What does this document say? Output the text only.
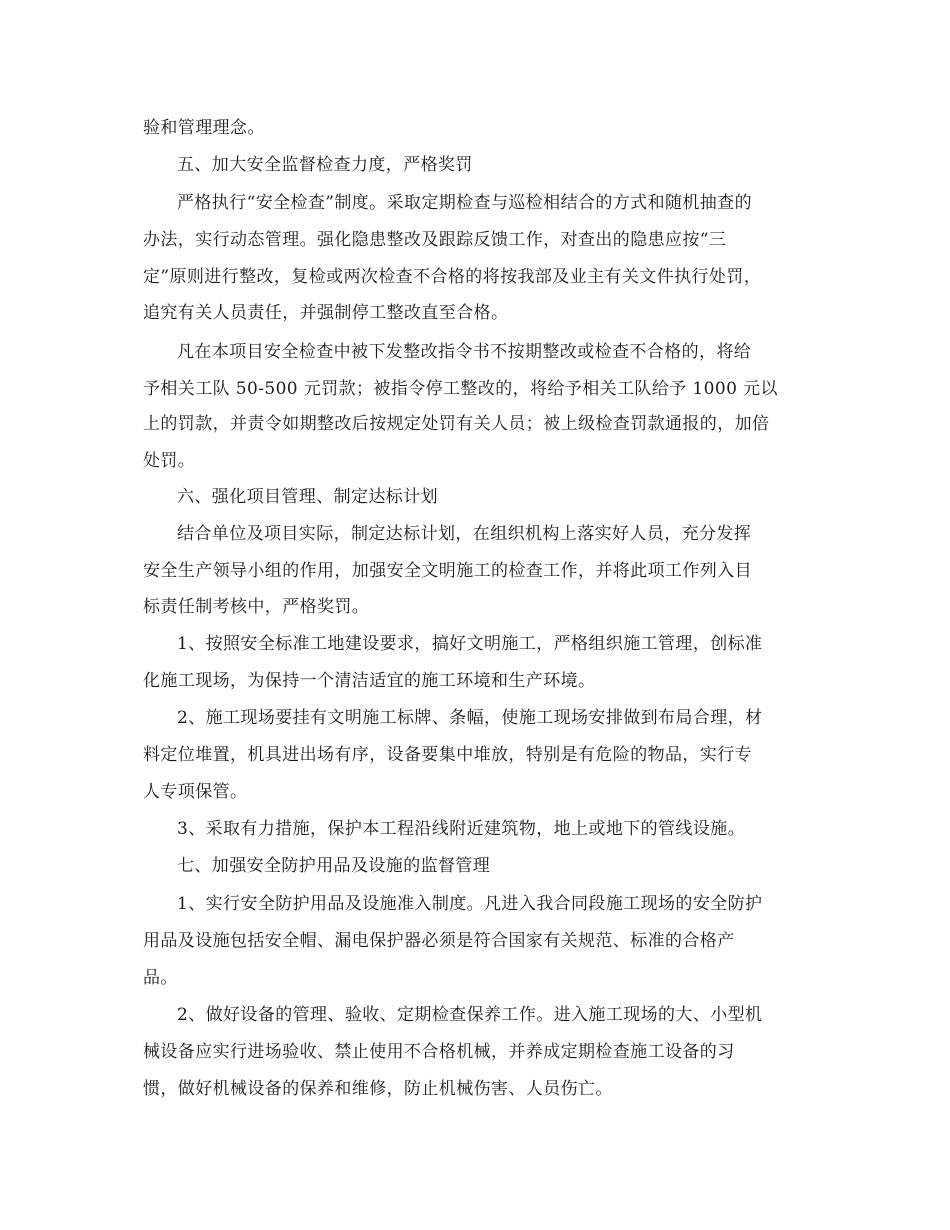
验和管理理念。
五、加大安全监督检查力度，严格奖罚
严格执行“安全检查”制度。采取定期检查与巡检相结合的方式和随机抽查的
办法，实行动态管理。强化隐患整改及跟踪反馈工作，对查出的隐患应按“三
定”原则进行整改，复检或两次检查不合格的将按我部及业主有关文件执行处罚，
追究有关人员责任，并强制停工整改直至合格。
凡在本项目安全检查中被下发整改指令书不按期整改或检查不合格的，将给
予相关工队 50-500 元罚款；被指令停工整改的，将给予相关工队给予 1000 元以
上的罚款，并责令如期整改后按规定处罚有关人员；被上级检查罚款通报的，加倍
处罚。
六、强化项目管理、制定达标计划
结合单位及项目实际，制定达标计划，在组织机构上落实好人员，充分发挥
安全生产领导小组的作用，加强安全文明施工的检查工作，并将此项工作列入目
标责任制考核中，严格奖罚。
1、按照安全标准工地建设要求，搞好文明施工，严格组织施工管理，创标准
化施工现场，为保持一个清洁适宜的施工环境和生产环境。
2、施工现场要挂有文明施工标牌、条幅，使施工现场安排做到布局合理，材
料定位堆置，机具进出场有序，设备要集中堆放，特别是有危险的物品，实行专
人专项保管。
3、采取有力措施，保护本工程沿线附近建筑物，地上或地下的管线设施。
七、加强安全防护用品及设施的监督管理
1、实行安全防护用品及设施准入制度。凡进入我合同段施工现场的安全防护
用品及设施包括安全帽、漏电保护器必须是符合国家有关规范、标准的合格产
品。
2、做好设备的管理、验收、定期检查保养工作。进入施工现场的大、小型机
械设备应实行进场验收、禁止使用不合格机械，并养成定期检查施工设备的习
惯，做好机械设备的保养和维修，防止机械伤害、人员伤亡。
